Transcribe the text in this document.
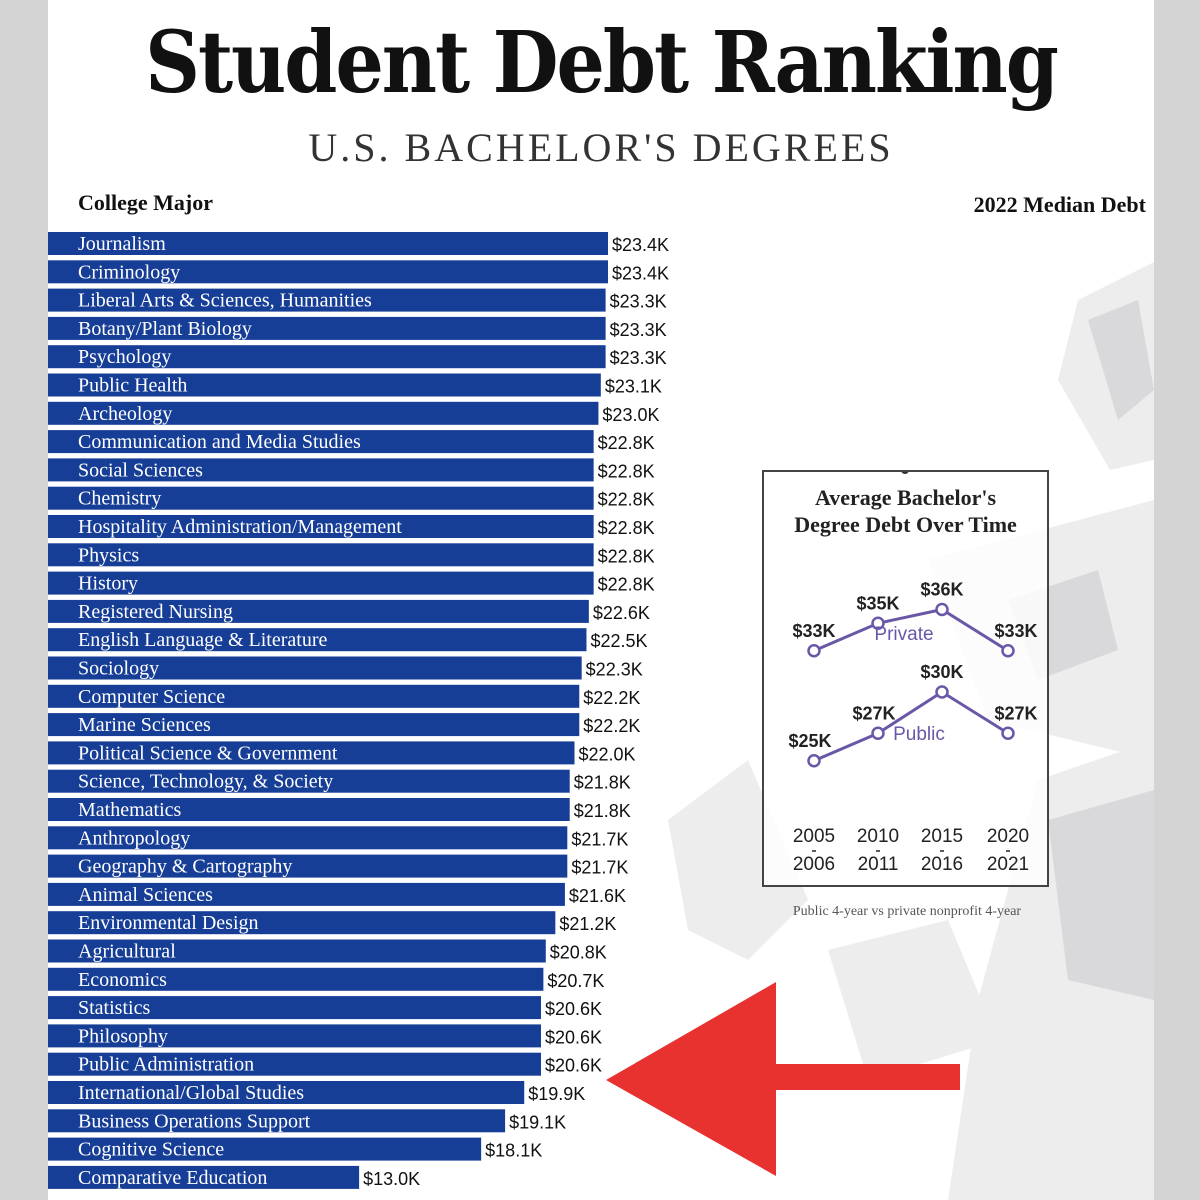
Student Debt Ranking
U.S. BACHELOR'S DEGREES
College Major	2022 Median Debt
Journalism	$23.4K
Criminology	$23.4K
Liberal Arts & Sciences, Humanities	$23.3K
Botany/Plant Biology	$23.3K
Psychology	$23.3K
Public Health	$23.1K
Archeology	$23.0K
Communication and Media Studies	$22.8K
Social Sciences	$22.8K
Chemistry	$22.8K
Hospitality Administration/Management	$22.8K
Physics	$22.8K
History	$22.8K
Registered Nursing	$22.6K
English Language & Literature	$22.5K
Sociology	$22.3K
Computer Science	$22.2K
Marine Sciences	$22.2K
Political Science & Government	$22.0K
Science, Technology, & Society	$21.8K
Mathematics	$21.8K
Anthropology	$21.7K
Geography & Cartography	$21.7K
Animal Sciences	$21.6K
Environmental Design	$21.2K
Agricultural	$20.8K
Economics	$20.7K
Statistics	$20.6K
Philosophy	$20.6K
Public Administration	$20.6K
International/Global Studies	$19.9K
Business Operations Support	$19.1K
Cognitive Science	$18.1K
Comparative Education	$13.0K
$33K
$35K
$36K
$33K
Private
$25K
$27K
$30K
$27K
Public
2005
2006
2010
2011
2015
2016
2020
2021
Average Bachelor's
Degree Debt Over Time
Public 4-year vs private nonprofit 4-year
